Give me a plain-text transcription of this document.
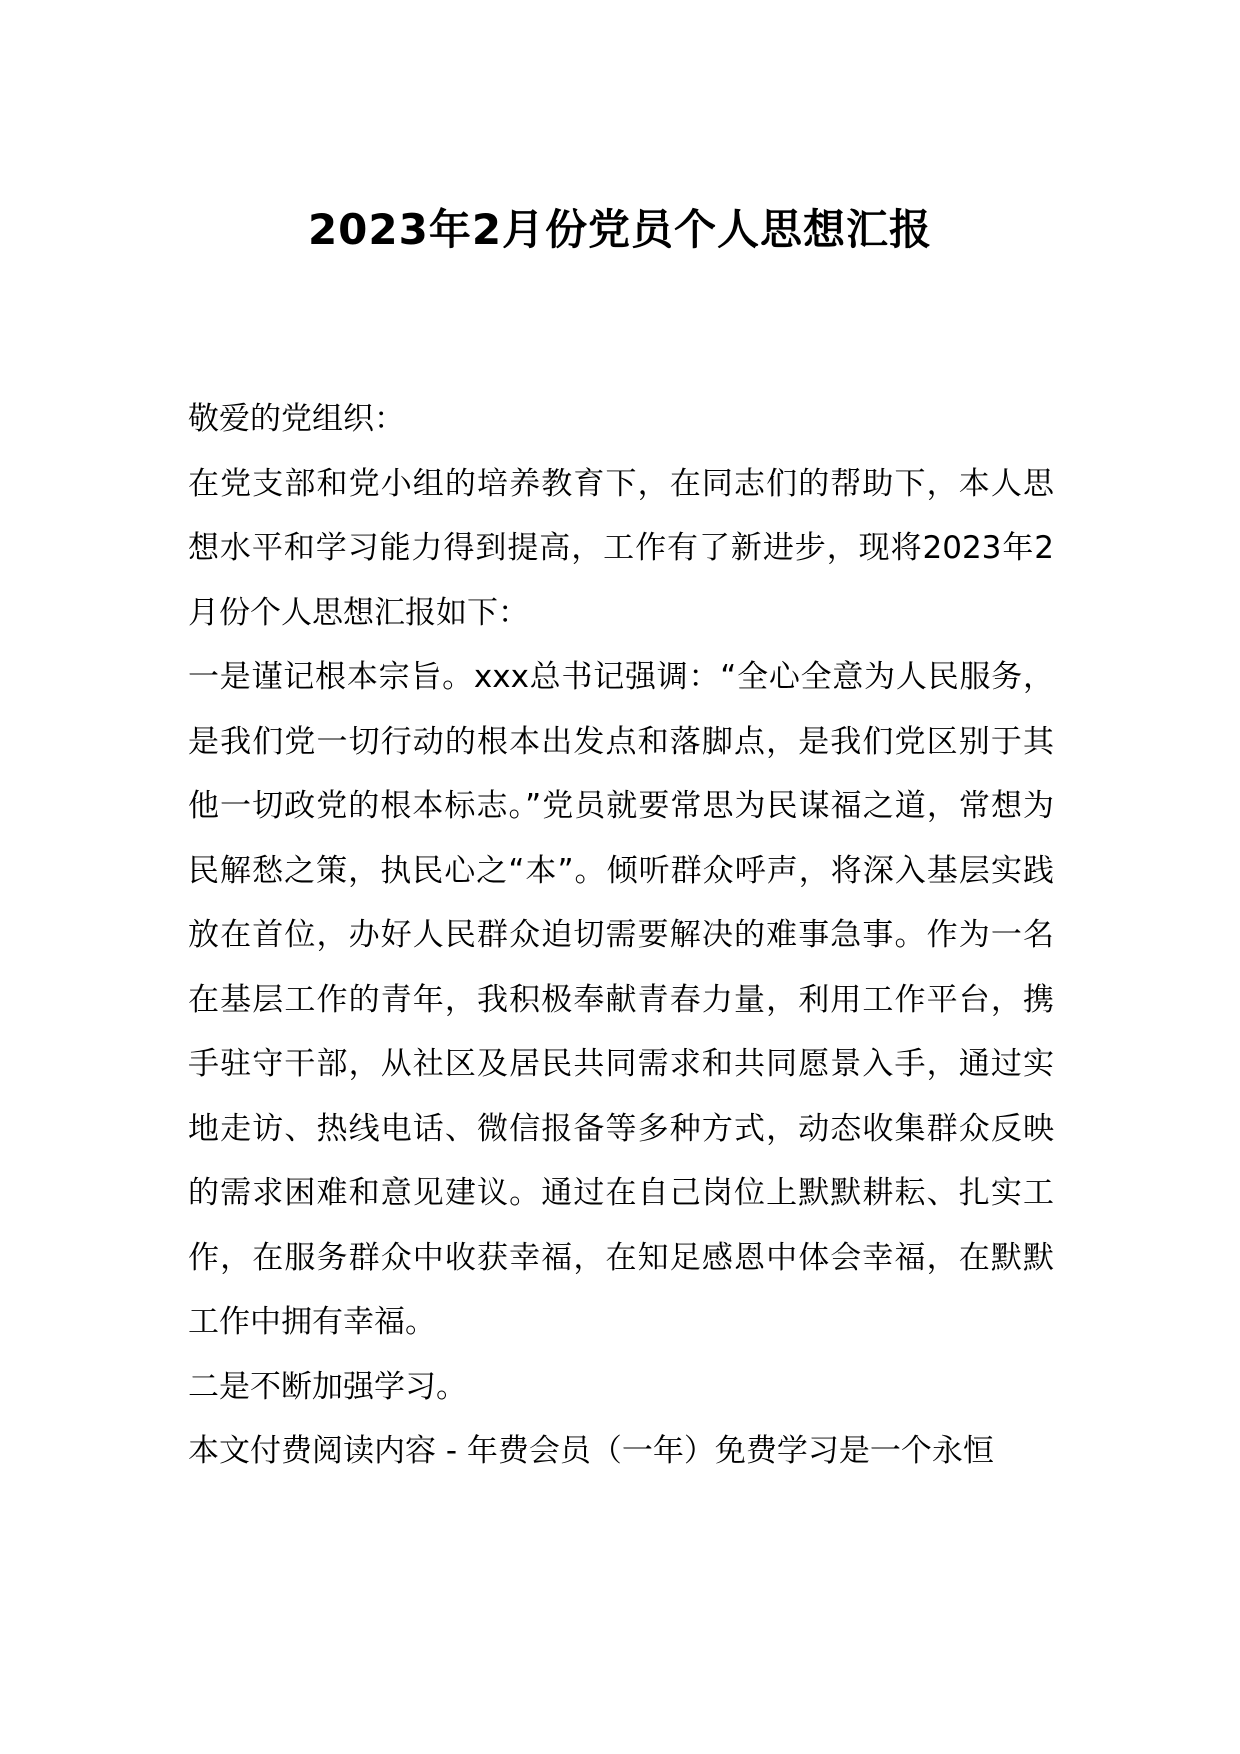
2023年2月份党员个人思想汇报

敬爱的党组织：

在党支部和党小组的培养教育下，在同志们的帮助下，本人思想水平和学习能力得到提高，工作有了新进步，现将2023年2月份个人思想汇报如下：

一是谨记根本宗旨。xxx总书记强调：“全心全意为人民服务，是我们党一切行动的根本出发点和落脚点，是我们党区别于其他一切政党的根本标志。”党员就要常思为民谋福之道，常想为民解愁之策，执民心之“本”。倾听群众呼声，将深入基层实践放在首位，办好人民群众迫切需要解决的难事急事。作为一名在基层工作的青年，我积极奉献青春力量，利用工作平台，携手驻守干部，从社区及居民共同需求和共同愿景入手，通过实地走访、热线电话、微信报备等多种方式，动态收集群众反映的需求困难和意见建议。通过在自己岗位上默默耕耘、扎实工作，在服务群众中收获幸福，在知足感恩中体会幸福，在默默工作中拥有幸福。

二是不断加强学习。

本文付费阅读内容 - 年费会员（一年）免费学习是一个永恒
